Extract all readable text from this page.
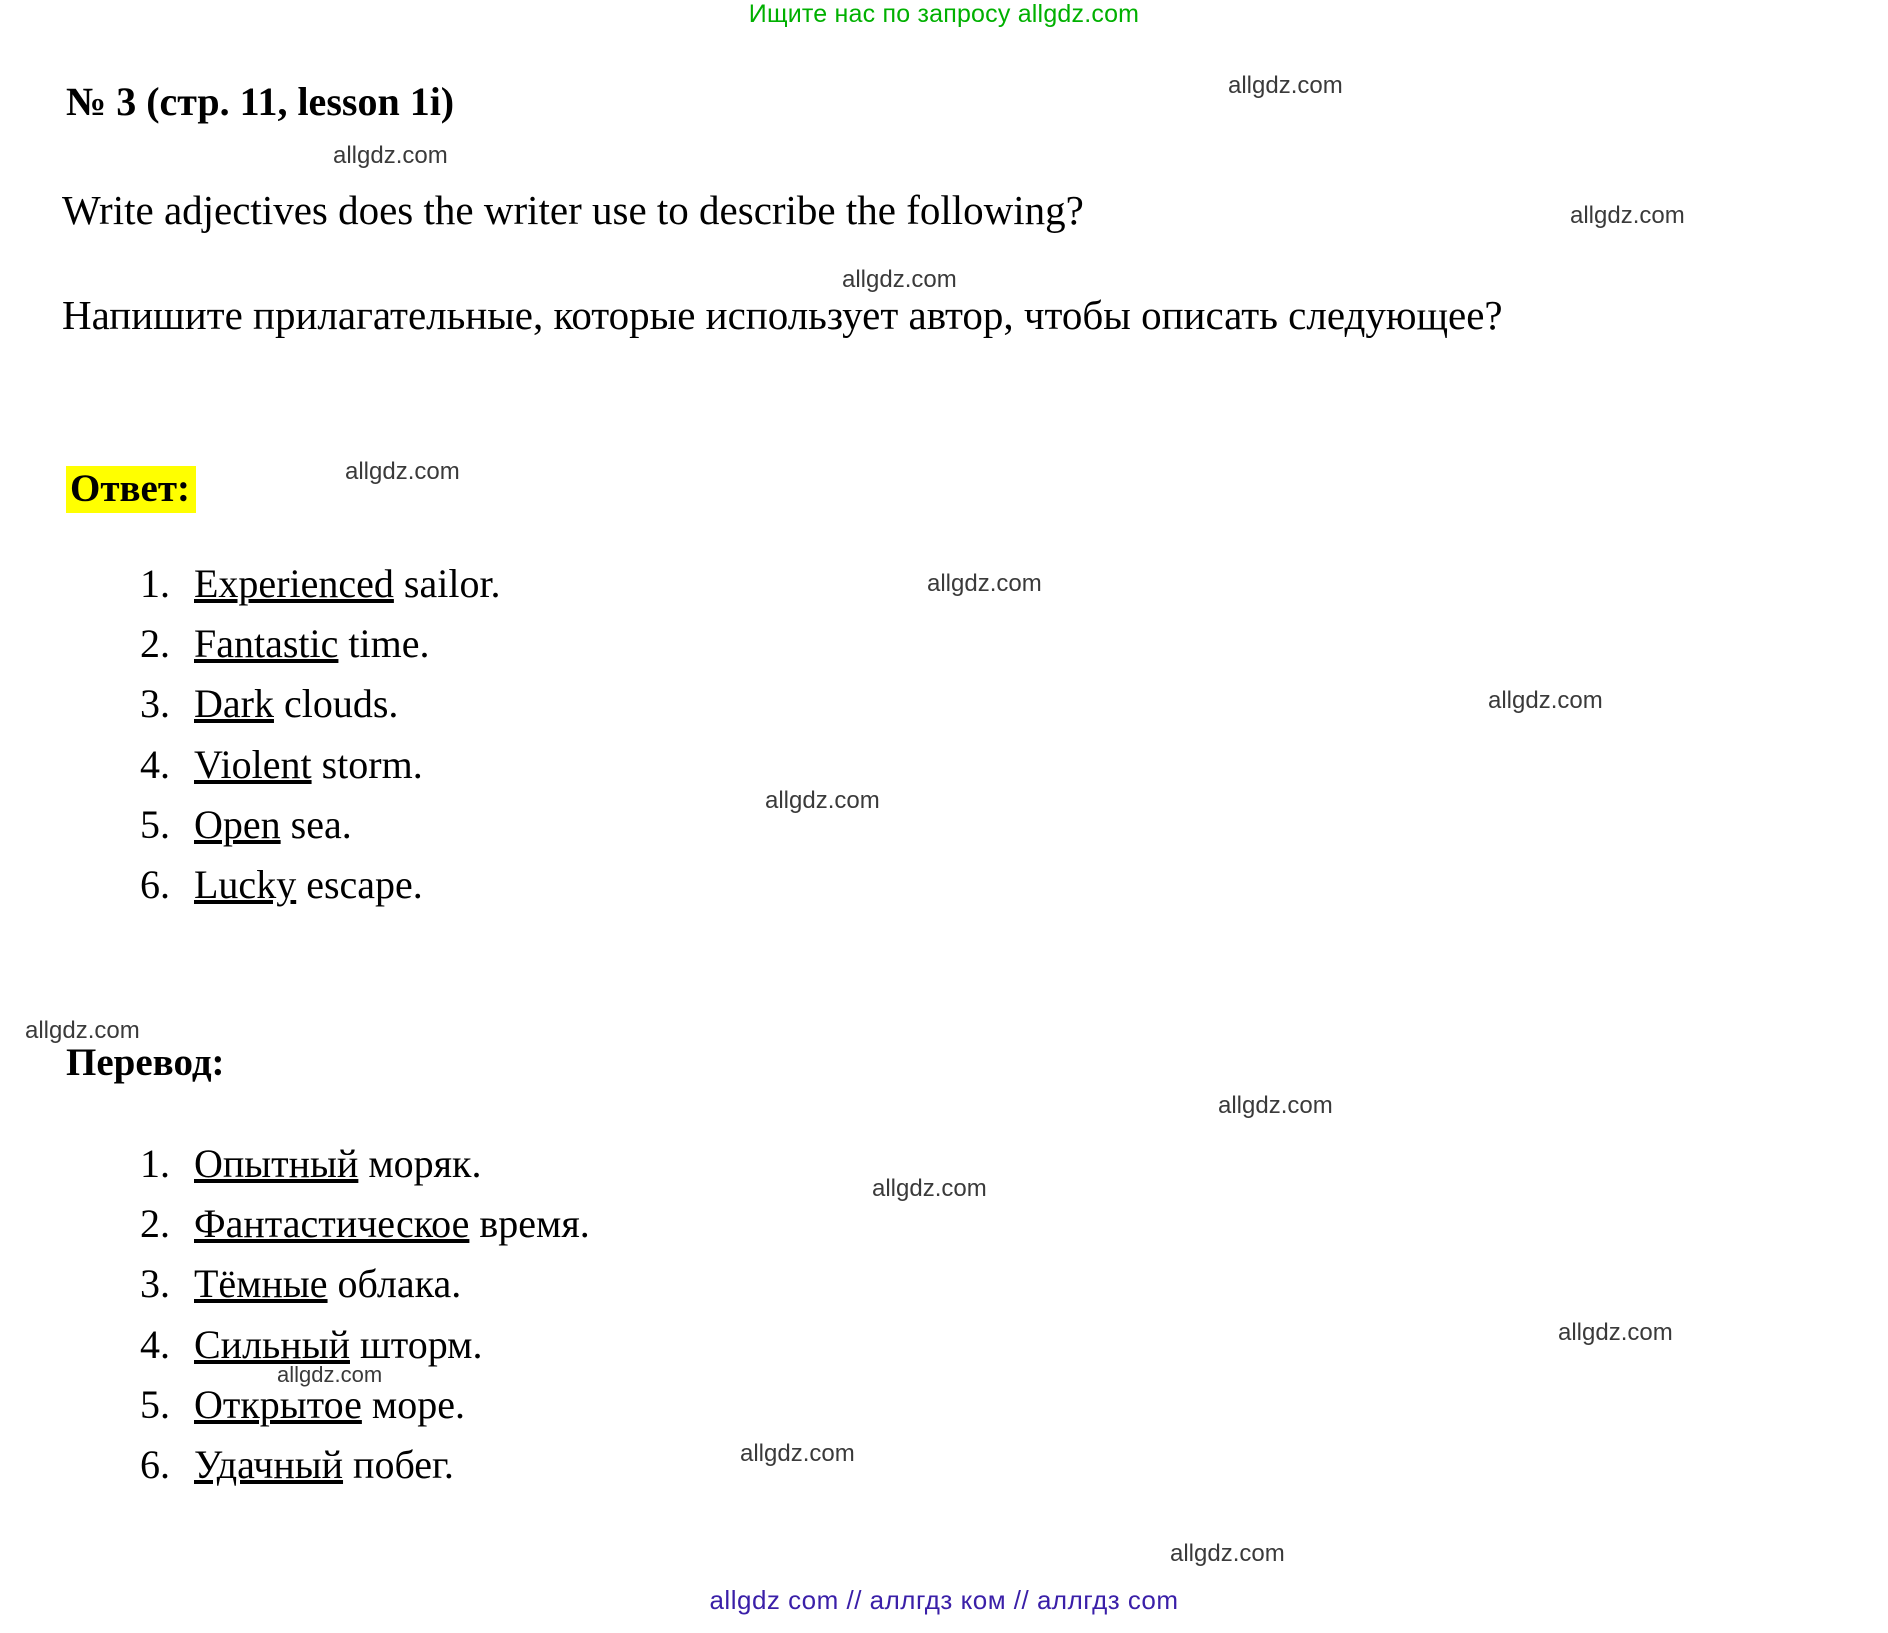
Ищите нас по запросу allgdz.com
№ 3 (стр. 11, lesson 1i)
Write adjectives does the writer use to describe the following?
Напишите прилагательные, которые использует автор, чтобы описать следующее?
Ответ:
1. Experienced sailor.
2. Fantastic time.
3. Dark clouds.
4. Violent storm.
5. Open sea.
6. Lucky escape.
Перевод:
1. Опытный моряк.
2. Фантастическое время.
3. Тёмные облака.
4. Сильный шторм.
5. Открытое море.
6. Удачный побег.
allgdz.com
allgdz.com
allgdz.com
allgdz.com
allgdz.com
allgdz.com
allgdz.com
allgdz.com
allgdz.com
allgdz.com
allgdz.com
allgdz.com
allgdz.com
allgdz.com
allgdz.com
allgdz com // аллгдз ком // аллгдз com
